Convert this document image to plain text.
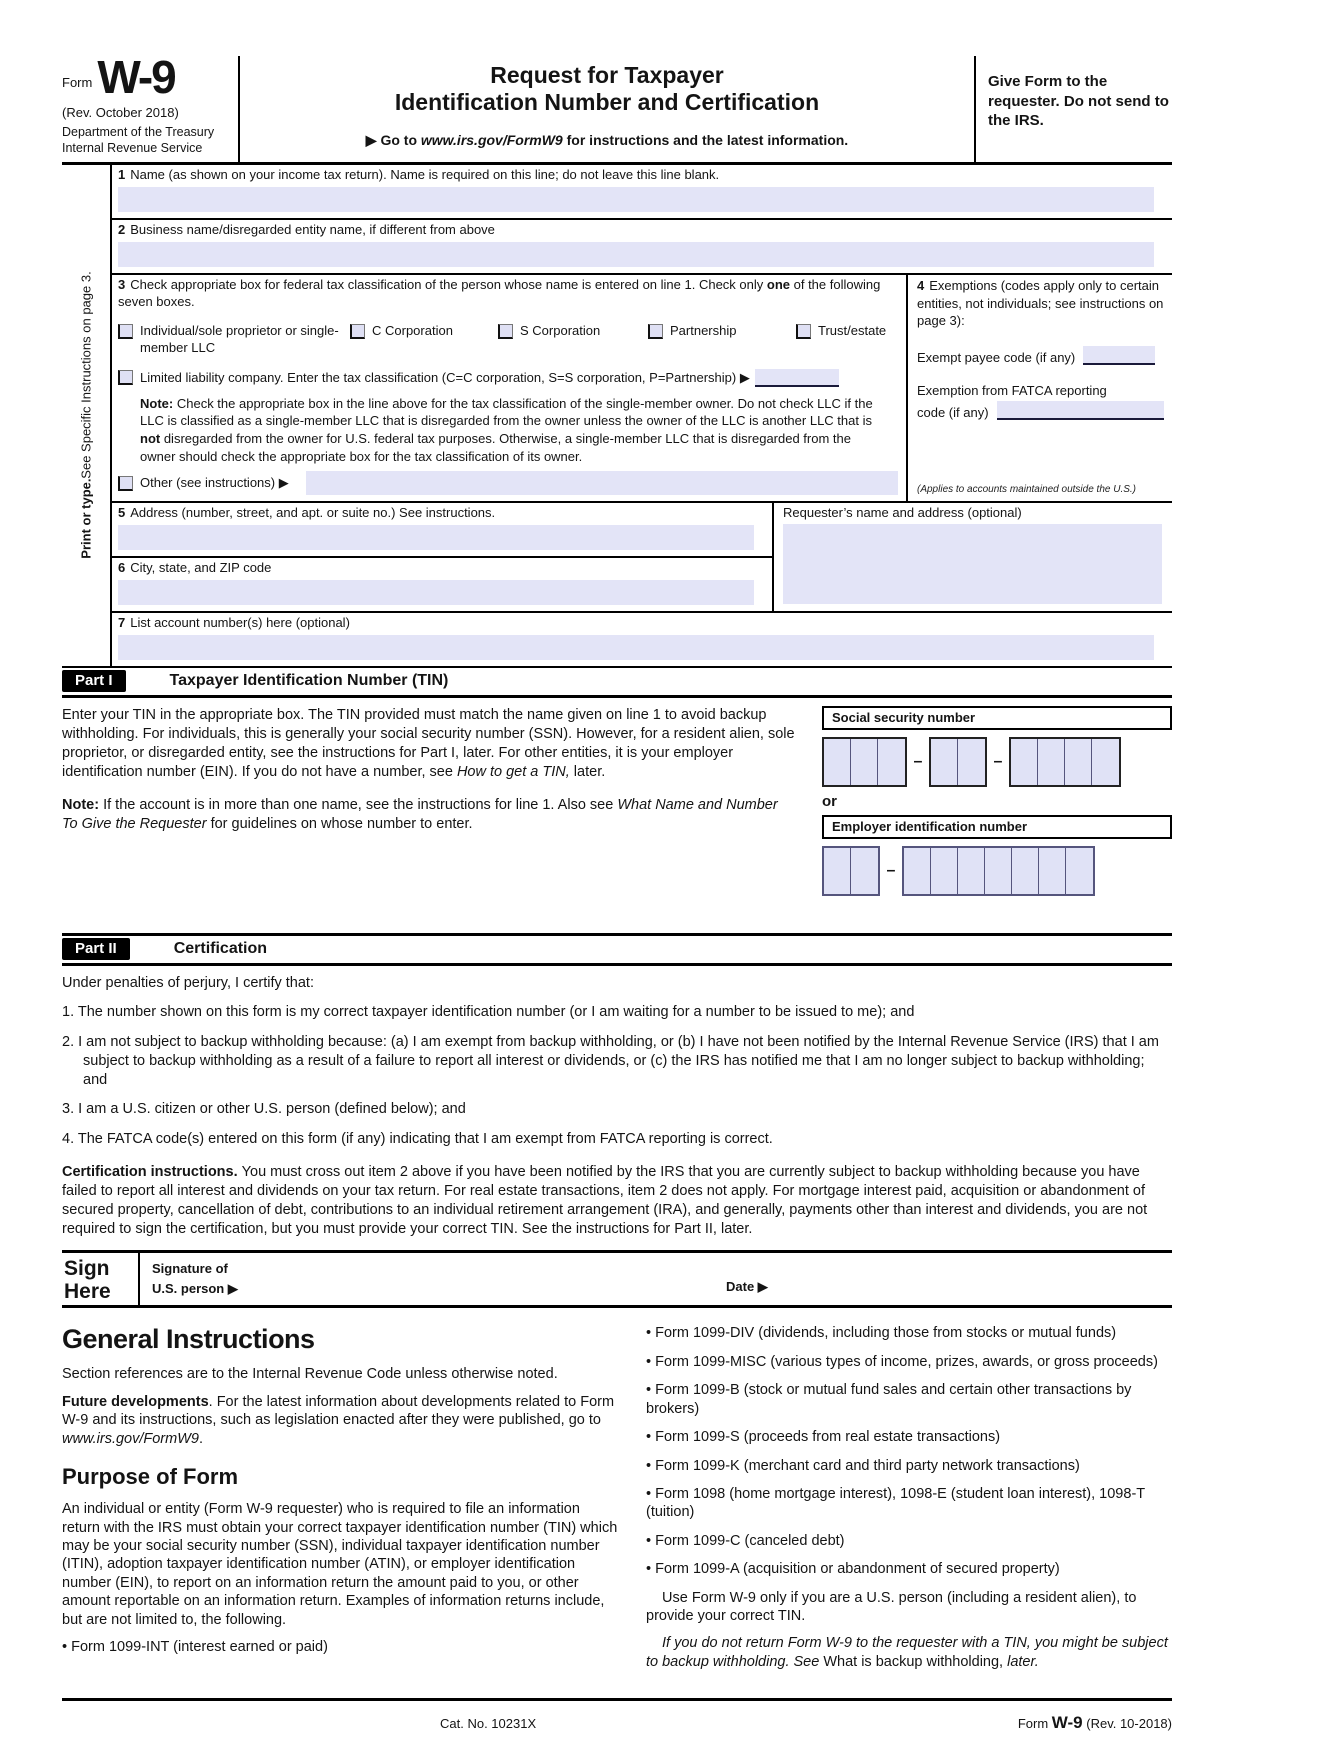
Form W-9
(Rev. October 2018)
Department of the Treasury
Internal Revenue Service
Request for Taxpayer
Identification Number and Certification
▶ Go to www.irs.gov/FormW9 for instructions and the latest information.
Give Form to the requester. Do not send to the IRS.
Print or type.
See Specific Instructions on page 3.
1 Name (as shown on your income tax return). Name is required on this line; do not leave this line blank.
2 Business name/disregarded entity name, if different from above
3 Check appropriate box for federal tax classification of the person whose name is entered on line 1. Check only one of the following seven boxes.
Individual/sole proprietor or single-member LLC
C Corporation	S Corporation	Partnership	Trust/estate
Limited liability company. Enter the tax classification (C=C corporation, S=S corporation, P=Partnership) ▶
Note: Check the appropriate box in the line above for the tax classification of the single-member owner. Do not check LLC if the LLC is classified as a single-member LLC that is disregarded from the owner unless the owner of the LLC is another LLC that is not disregarded from the owner for U.S. federal tax purposes. Otherwise, a single-member LLC that is disregarded from the owner should check the appropriate box for the tax classification of its owner.
Other (see instructions) ▶
4 Exemptions (codes apply only to certain entities, not individuals; see instructions on page 3):
Exempt payee code (if any)
Exemption from FATCA reporting
code (if any)
(Applies to accounts maintained outside the U.S.)
5 Address (number, street, and apt. or suite no.) See instructions.
6 City, state, and ZIP code
Requester’s name and address (optional)
7 List account number(s) here (optional)
Part I	Taxpayer Identification Number (TIN)

Enter your TIN in the appropriate box. The TIN provided must match the name given on line 1 to avoid backup withholding. For individuals, this is generally your social security number (SSN). However, for a resident alien, sole proprietor, or disregarded entity, see the instructions for Part I, later. For other entities, it is your employer identification number (EIN). If you do not have a number, see How to get a TIN, later.

Note: If the account is in more than one name, see the instructions for line 1. Also see What Name and Number To Give the Requester for guidelines on whose number to enter.

Social security number
–	–
or
Employer identification number
–
Part II	Certification
Under penalties of perjury, I certify that:
1. The number shown on this form is my correct taxpayer identification number (or I am waiting for a number to be issued to me); and
2. I am not subject to backup withholding because: (a) I am exempt from backup withholding, or (b) I have not been notified by the Internal Revenue Service (IRS) that I am subject to backup withholding as a result of a failure to report all interest or dividends, or (c) the IRS has notified me that I am no longer subject to backup withholding; and
3. I am a U.S. citizen or other U.S. person (defined below); and
4. The FATCA code(s) entered on this form (if any) indicating that I am exempt from FATCA reporting is correct.
Certification instructions. You must cross out item 2 above if you have been notified by the IRS that you are currently subject to backup withholding because you have failed to report all interest and dividends on your tax return. For real estate transactions, item 2 does not apply. For mortgage interest paid, acquisition or abandonment of secured property, cancellation of debt, contributions to an individual retirement arrangement (IRA), and generally, payments other than interest and dividends, you are not required to sign the certification, but you must provide your correct TIN. See the instructions for Part II, later.
Sign
Here
Signature of
U.S. person ▶	Date ▶
General Instructions

Section references are to the Internal Revenue Code unless otherwise noted.

Future developments. For the latest information about developments related to Form W-9 and its instructions, such as legislation enacted after they were published, go to www.irs.gov/FormW9.

Purpose of Form

An individual or entity (Form W-9 requester) who is required to file an information return with the IRS must obtain your correct taxpayer identification number (TIN) which may be your social security number (SSN), individual taxpayer identification number (ITIN), adoption taxpayer identification number (ATIN), or employer identification number (EIN), to report on an information return the amount paid to you, or other amount reportable on an information return. Examples of information returns include, but are not limited to, the following.

• Form 1099-INT (interest earned or paid)

• Form 1099-DIV (dividends, including those from stocks or mutual funds)

• Form 1099-MISC (various types of income, prizes, awards, or gross proceeds)

• Form 1099-B (stock or mutual fund sales and certain other transactions by brokers)

• Form 1099-S (proceeds from real estate transactions)

• Form 1099-K (merchant card and third party network transactions)

• Form 1098 (home mortgage interest), 1098-E (student loan interest), 1098-T (tuition)

• Form 1099-C (canceled debt)

• Form 1099-A (acquisition or abandonment of secured property)

Use Form W-9 only if you are a U.S. person (including a resident alien), to provide your correct TIN.

If you do not return Form W-9 to the requester with a TIN, you might be subject to backup withholding. See What is backup withholding, later.

Cat. No. 10231X	Form W-9 (Rev. 10-2018)
